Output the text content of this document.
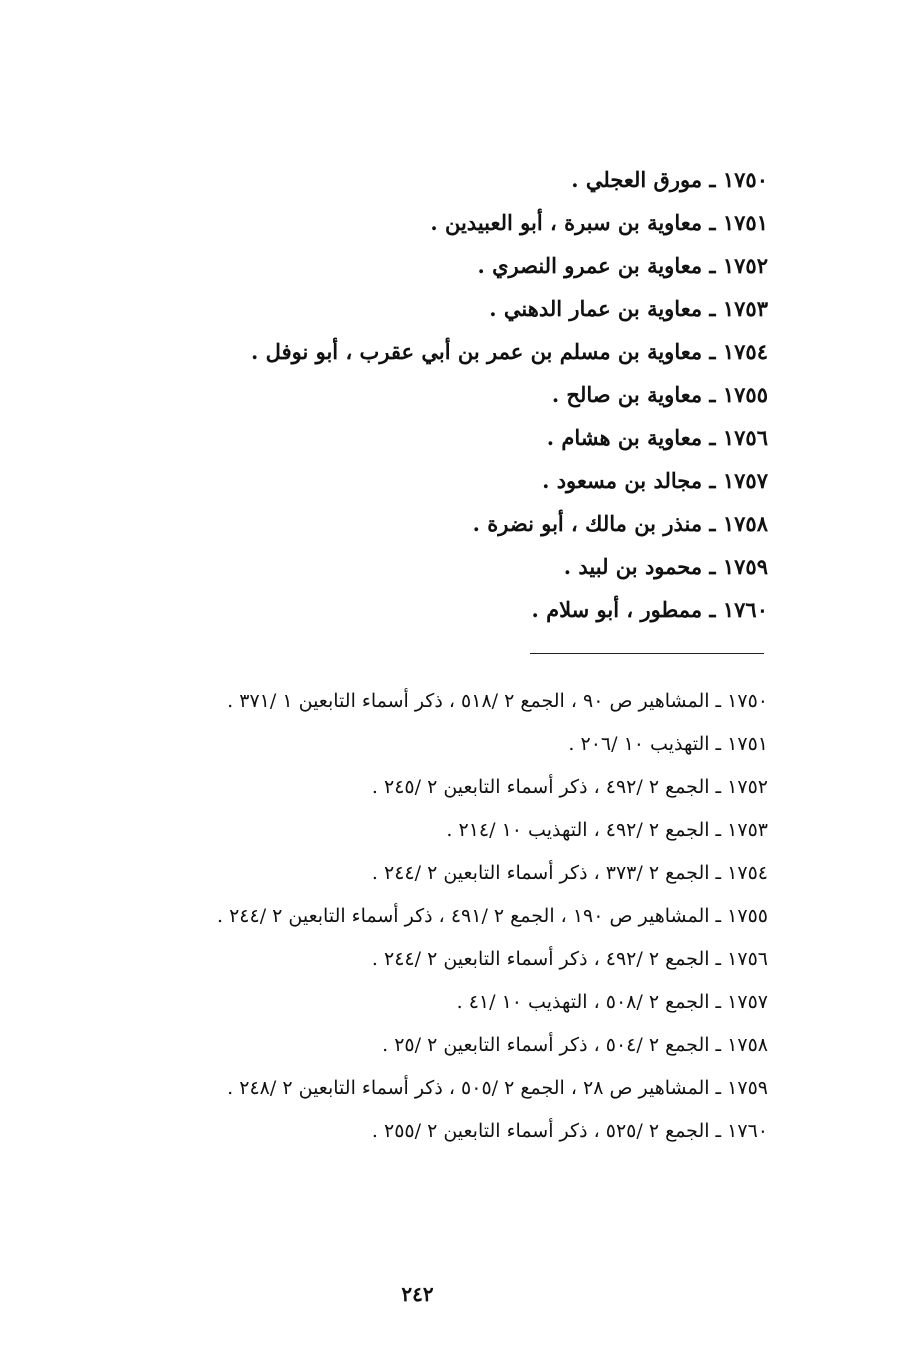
١٧٥٠ ـ مورق العجلي .
١٧٥١ ـ معاوية بن سبرة ، أبو العبيدين .
١٧٥٢ ـ معاوية بن عمرو النصري .
١٧٥٣ ـ معاوية بن عمار الدهني .
١٧٥٤ ـ معاوية بن مسلم بن عمر بن أبي عقرب ، أبو نوفل .
١٧٥٥ ـ معاوية بن صالح .
١٧٥٦ ـ معاوية بن هشام .
١٧٥٧ ـ مجالد بن مسعود .
١٧٥٨ ـ منذر بن مالك ، أبو نضرة .
١٧٥٩ ـ محمود بن لبيد .
١٧٦٠ ـ ممطور ، أبو سلام .
١٧٥٠ ـ المشاهير ص ٩٠ ، الجمع ٢ /٥١٨ ، ذكر أسماء التابعين ١ /٣٧١ .
١٧٥١ ـ التهذيب ١٠ /٢٠٦ .
١٧٥٢ ـ الجمع ٢ /٤٩٢ ، ذكر أسماء التابعين ٢ /٢٤٥ .
١٧٥٣ ـ الجمع ٢ /٤٩٢ ، التهذيب ١٠ /٢١٤ .
١٧٥٤ ـ الجمع ٢ /٣٧٣ ، ذكر أسماء التابعين ٢ /٢٤٤ .
١٧٥٥ ـ المشاهير ص ١٩٠ ، الجمع ٢ /٤٩١ ، ذكر أسماء التابعين ٢ /٢٤٤ .
١٧٥٦ ـ الجمع ٢ /٤٩٢ ، ذكر أسماء التابعين ٢ /٢٤٤ .
١٧٥٧ ـ الجمع ٢ /٥٠٨ ، التهذيب ١٠ /٤١ .
١٧٥٨ ـ الجمع ٢ /٥٠٤ ، ذكر أسماء التابعين ٢ /٢٥ .
١٧٥٩ ـ المشاهير ص ٢٨ ، الجمع ٢ /٥٠٥ ، ذكر أسماء التابعين ٢ /٢٤٨ .
١٧٦٠ ـ الجمع ٢ /٥٢٥ ، ذكر أسماء التابعين ٢ /٢٥٥ .
٢٤٢
